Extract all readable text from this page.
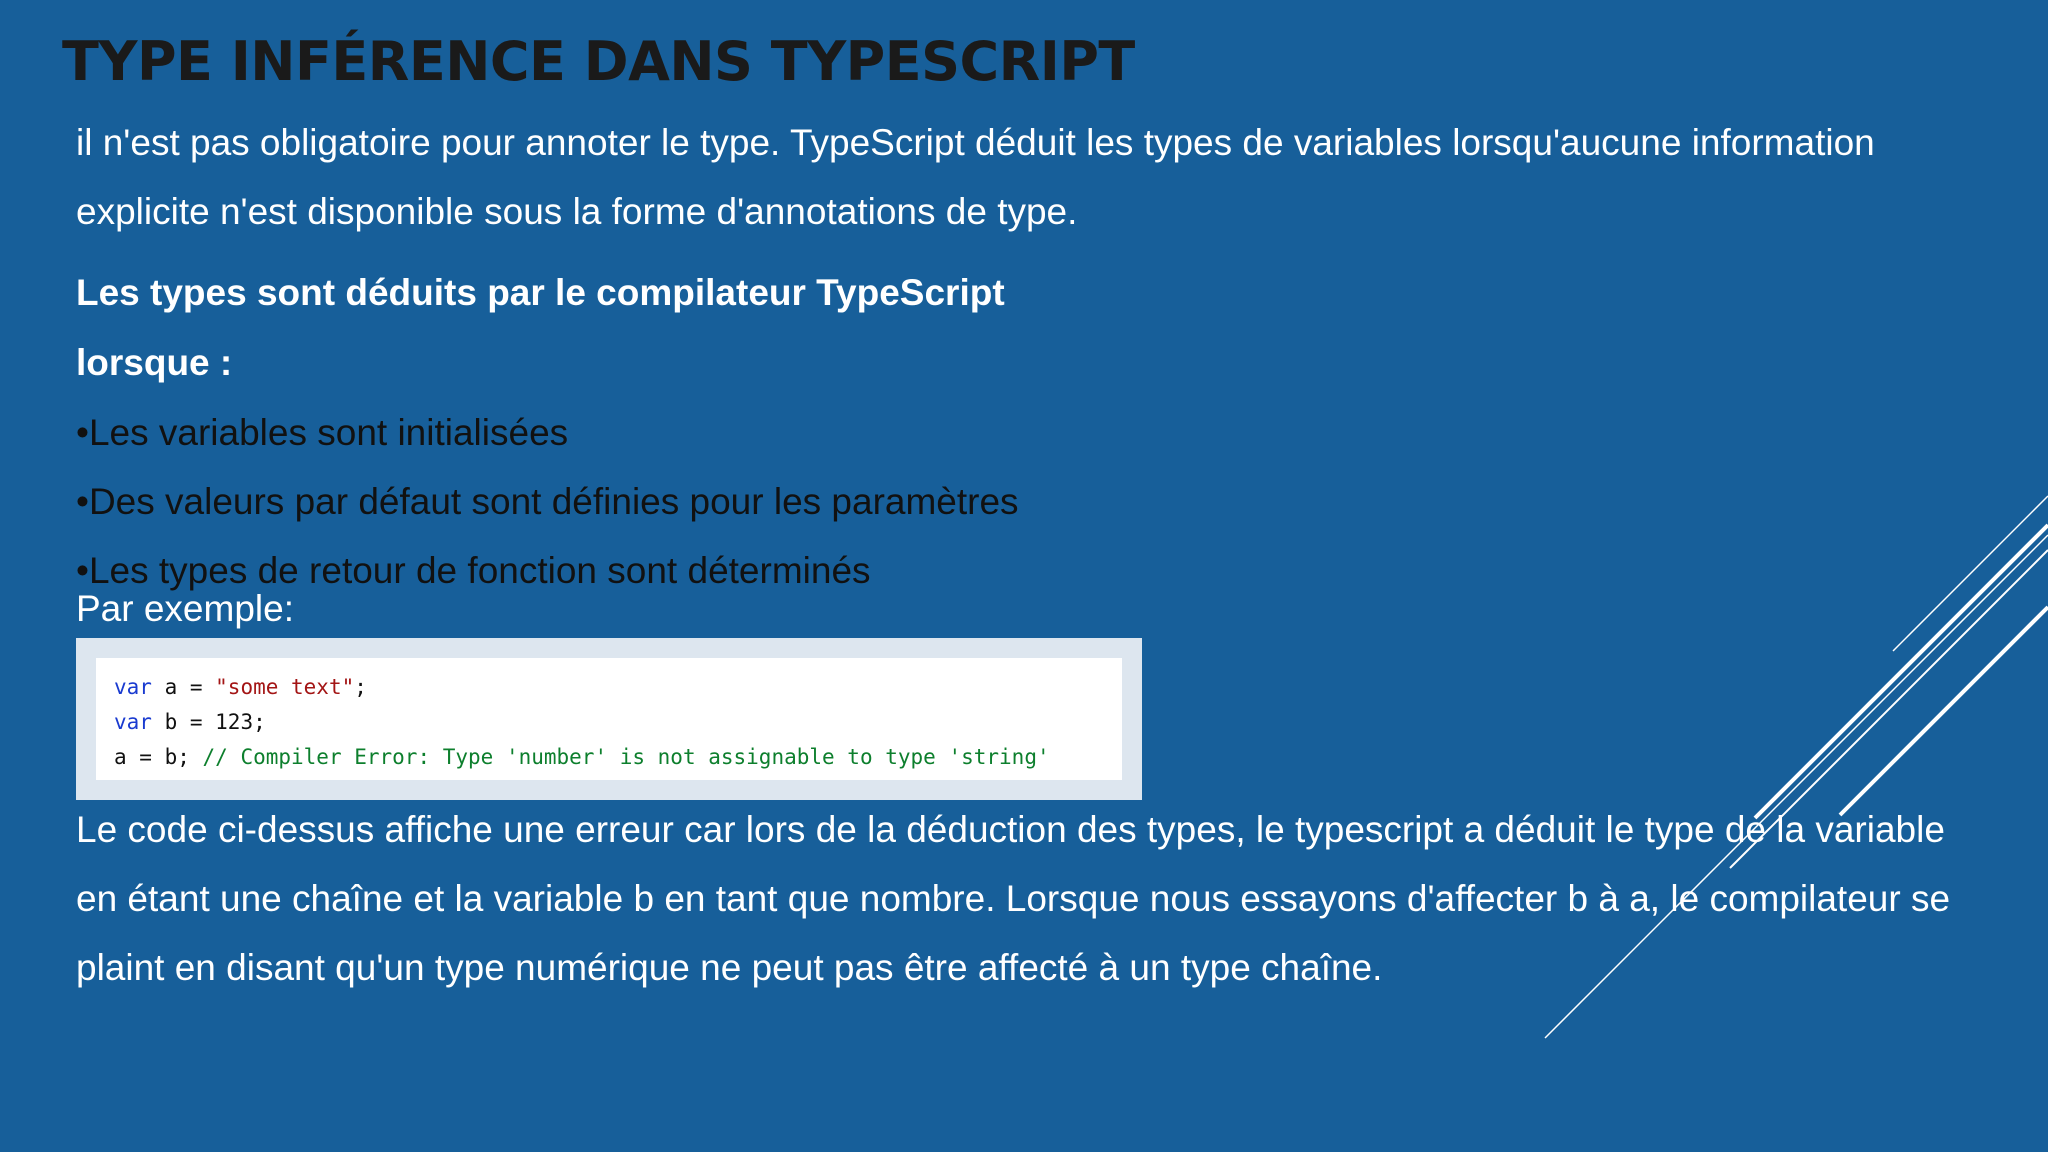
TYPE INFÉRENCE DANS TYPESCRIPT

il n'est pas obligatoire pour annoter le type. TypeScript déduit les types de variables lorsqu'aucune information explicite n'est disponible sous la forme d'annotations de type.

Les types sont déduits par le compilateur TypeScript

lorsque :

•Les variables sont initialisées

•Des valeurs par défaut sont définies pour les paramètres

•Les types de retour de fonction sont déterminés

Par exemple:
var a = "some text";
var b = 123;
a = b; // Compiler Error: Type 'number' is not assignable to type 'string'

Le code ci-dessus affiche une erreur car lors de la déduction des types, le typescript a déduit le type de la variable en étant une chaîne et la variable b en tant que nombre. Lorsque nous essayons d'affecter b à a, le compilateur se plaint en disant qu'un type numérique ne peut pas être affecté à un type chaîne.
